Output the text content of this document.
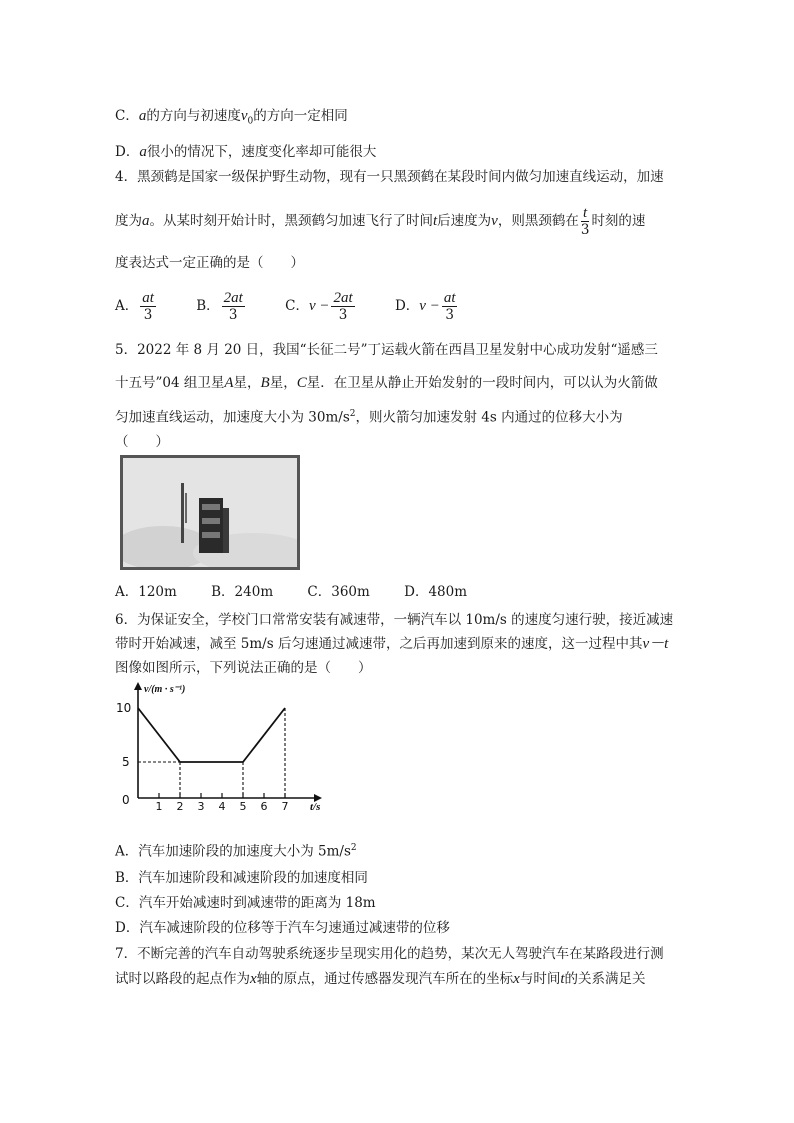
C．a的方向与初速度$v_0$的方向一定相同
D．a很小的情况下，速度变化率却可能很大
4．黑颈鹤是国家一级保护野生动物，现有一只黑颈鹤在某段时间内做匀加速直线运动，加速
度为a。从某时刻开始计时，黑颈鹤匀加速飞行了时间t后速度为v，则黑颈鹤在 $\frac{t}{3}$ 时刻的速
度表达式一定正确的是（　　）
A． $\frac{at}{3}$	B． $\frac{2at}{3}$	C．$v - \frac{2at}{3}$	D．$v - \frac{at}{3}$
5．2022 年 8 月 20 日，我国“长征二号”丁运载火箭在西昌卫星发射中心成功发射“遥感三
十五号”04 组卫星A星，B星，C星．在卫星从静止开始发射的一段时间内，可以认为火箭做
匀加速直线运动，加速度大小为 $30m/s^2$，则火箭匀加速发射 4s 内通过的位移大小为
（　　）
A．120m	B．240m	C．360m	D．480m
6．为保证安全，学校门口常常安装有减速带，一辆汽车以 10m/s 的速度匀速行驶，接近减速
带时开始减速，减至 5m/s 后匀速通过减速带，之后再加速到原来的速度，这一过程中其v－t
图像如图所示，下列说法正确的是（　　）
v/(m · s⁻¹)
10
5
0 1 2 3 4 5 6 7 t/s
A．汽车加速阶段的加速度大小为 $5m/s^2$
B．汽车加速阶段和减速阶段的加速度相同
C．汽车开始减速时到减速带的距离为 18m
D．汽车减速阶段的位移等于汽车匀速通过减速带的位移
7．不断完善的汽车自动驾驶系统逐步呈现实用化的趋势，某次无人驾驶汽车在某路段进行测
试时以路段的起点作为x轴的原点，通过传感器发现汽车所在的坐标x与时间t的关系满足关
